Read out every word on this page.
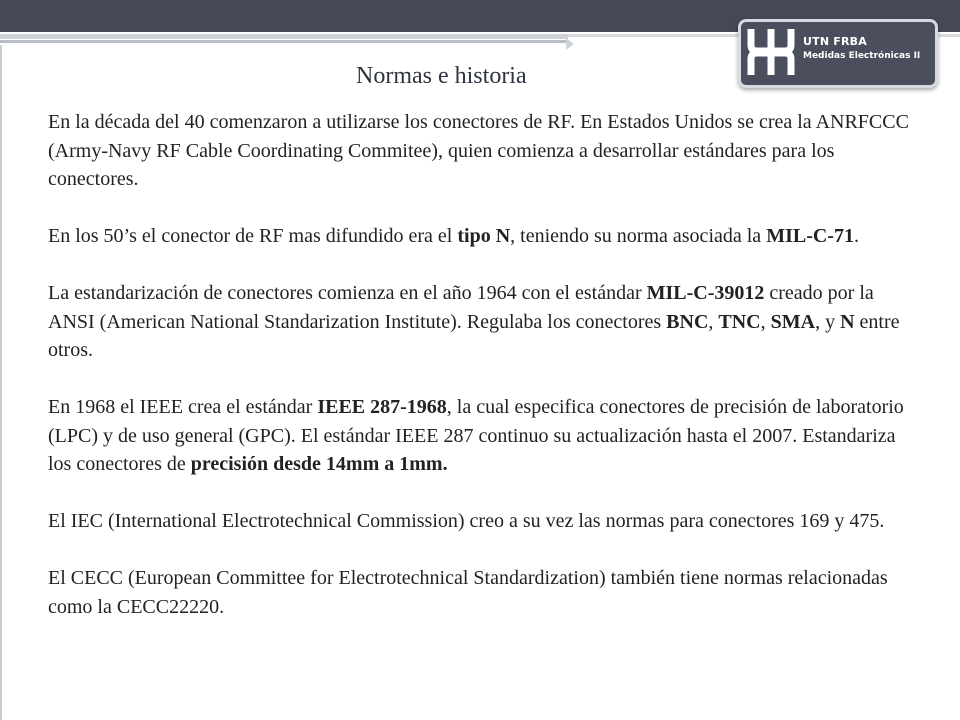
UTN FRBA
Medidas Electrónicas II
Normas e historia

En la década del 40 comenzaron a utilizarse los conectores de RF. En Estados Unidos se crea la ANRFCCC (Army-Navy RF Cable Coordinating Commitee), quien comienza a desarrollar estándares para los conectores.

En los 50’s el conector de RF mas difundido era el tipo N, teniendo su norma asociada la MIL-C-71.

La estandarización de conectores comienza en el año 1964 con el estándar MIL-C-39012 creado por la ANSI (American National Standarization Institute). Regulaba los conectores BNC, TNC, SMA, y N entre otros.

En 1968 el IEEE crea el estándar IEEE 287-1968, la cual especifica conectores de precisión de laboratorio (LPC) y de uso general (GPC). El estándar IEEE 287 continuo su actualización hasta el 2007. Estandariza los conectores de precisión desde 14mm a 1mm.

El IEC (International Electrotechnical Commission) creo a su vez las normas para conectores 169 y 475.

El CECC (European Committee for Electrotechnical Standardization) también tiene normas relacionadas como la CECC22220.
